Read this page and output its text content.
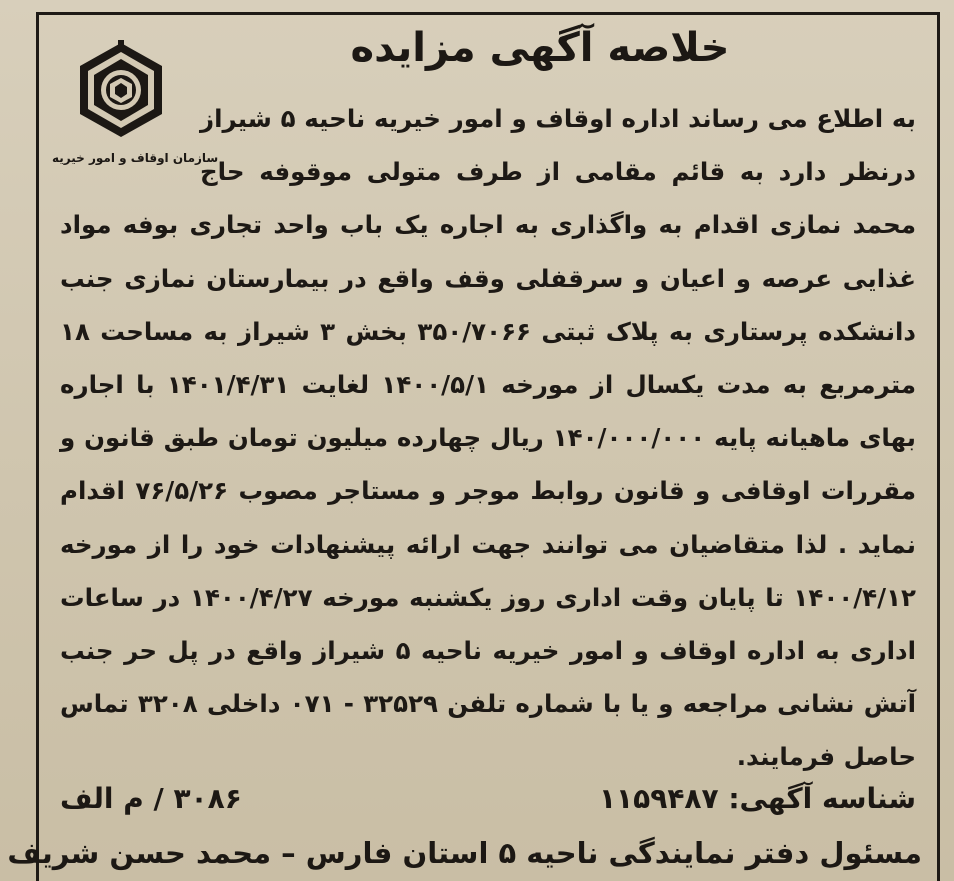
خلاصه آگهی مزایده
سازمان اوقاف و امور خیریه

به اطلاع می رساند اداره اوقاف و امور خیریه ناحیه ۵ شیراز درنظر دارد به قائم مقامی از طرف متولی موقوفه حاج محمد نمازی اقدام به واگذاری به اجاره یک باب واحد تجاری بوفه مواد غذایی عرصه و اعیان و سرقفلی وقف واقع در بیمارستان نمازی جنب دانشکده پرستاری به پلاک ثبتی ۳۵۰/۷۰۶۶ بخش ۳ شیراز به مساحت ۱۸ مترمربع به مدت یکسال از مورخه ۱۴۰۰/۵/۱ لغایت ۱۴۰۱/۴/۳۱ با اجاره بهای ماهیانه پایه ۱۴۰/۰۰۰/۰۰۰ ریال چهارده میلیون تومان طبق قانون و مقررات اوقافی و قانون روابط موجر و مستاجر مصوب ۷۶/۵/۲۶ اقدام نماید . لذا متقاضیان می توانند جهت ارائه پیشنهادات خود را از مورخه ۱۴۰۰/۴/۱۲ تا پایان وقت اداری روز یکشنبه مورخه ۱۴۰۰/۴/۲۷ در ساعات اداری به اداره اوقاف و امور خیریه ناحیه ۵ شیراز واقع در پل حر جنب آتش نشانی مراجعه و یا با شماره تلفن ۳۲۵۲۹ - ۰۷۱ داخلی ۳۲۰۸ تماس حاصل فرمایند.

شناسه آگهی: ۱۱۵۹۴۸۷
۳۰۸۶ / م الف
مسئول دفتر نمایندگی ناحیه ۵ استان فارس – محمد حسن شریف
